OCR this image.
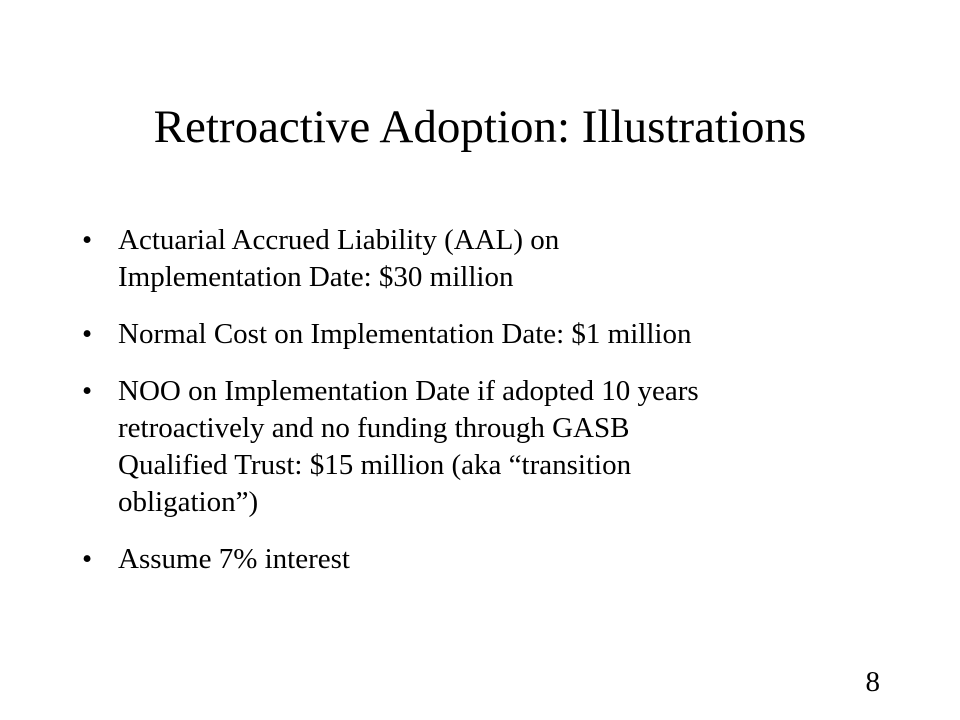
Retroactive Adoption: Illustrations
• Actuarial Accrued Liability (AAL) on
Implementation Date: $30 million
• Normal Cost on Implementation Date: $1 million
• NOO on Implementation Date if adopted 10 years
retroactively and no funding through GASB
Qualified Trust: $15 million (aka “transition
obligation”)
• Assume 7% interest
8
